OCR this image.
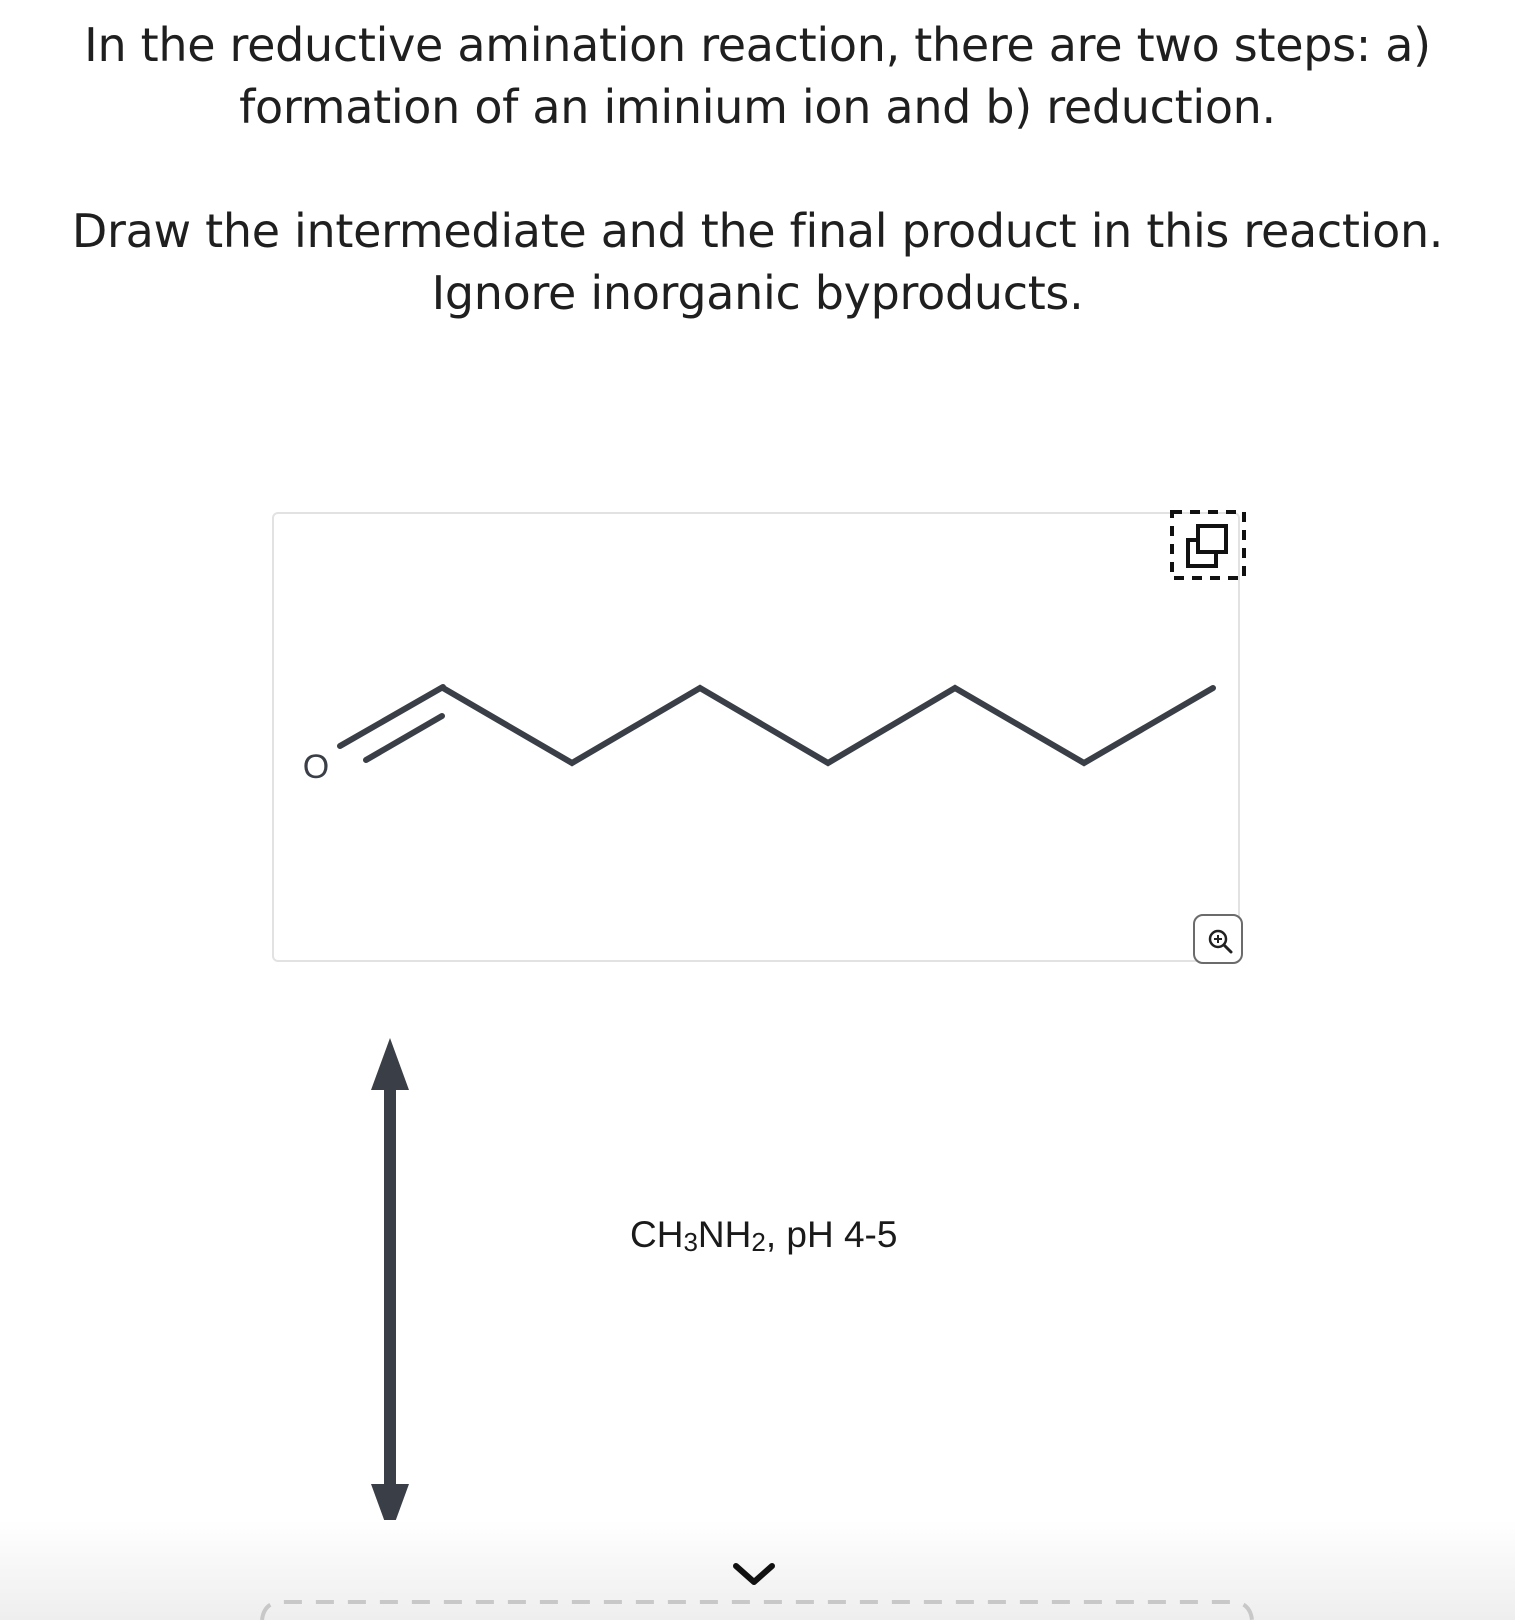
In the reductive amination reaction, there are two steps: a)
formation of an iminium ion and b) reduction.
Draw the intermediate and the final product in this reaction.
Ignore inorganic byproducts.
O
$CH_3NH_2$, pH 4-5
